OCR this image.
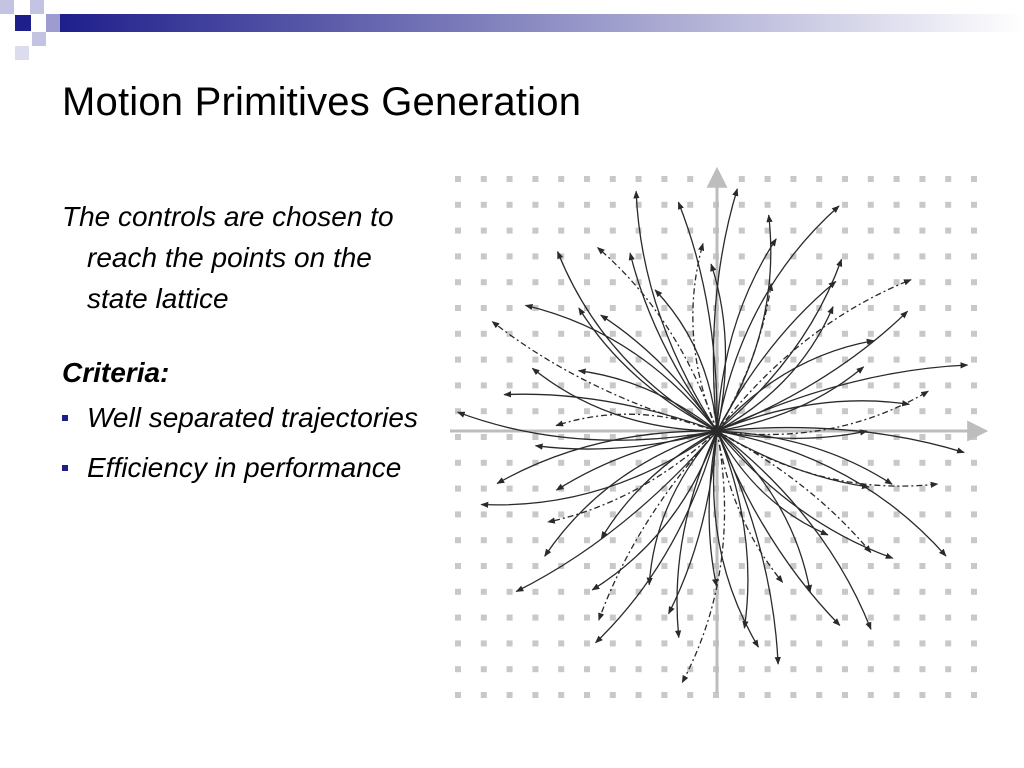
Motion Primitives Generation

The controls are chosen to reach the points on the state lattice

Criteria:
Well separated trajectories
Efficiency in performance
